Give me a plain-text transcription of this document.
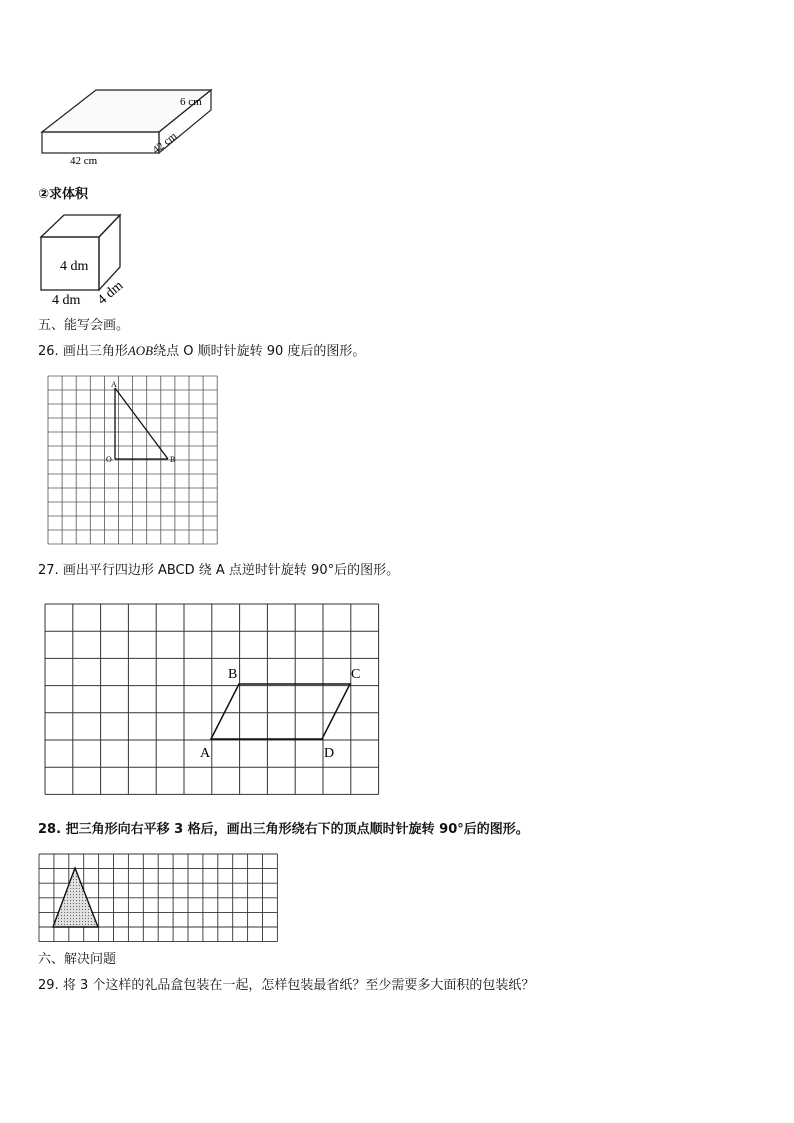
6 cm
42 cm
42 cm
②求体积
4 dm
4 dm 4 dm
五、能写会画。
26. 画出三角形AOB绕点 O 顺时针旋转 90 度后的图形。
A
O	B
27. 画出平行四边形 ABCD 绕 A 点逆时针旋转 90°后的图形。
A
B	C
D
28. 把三角形向右平移 3 格后，画出三角形绕右下的顶点顺时针旋转 90°后的图形。
六、解决问题
29. 将 3 个这样的礼品盒包装在一起，怎样包装最省纸？至少需要多大面积的包装纸？
